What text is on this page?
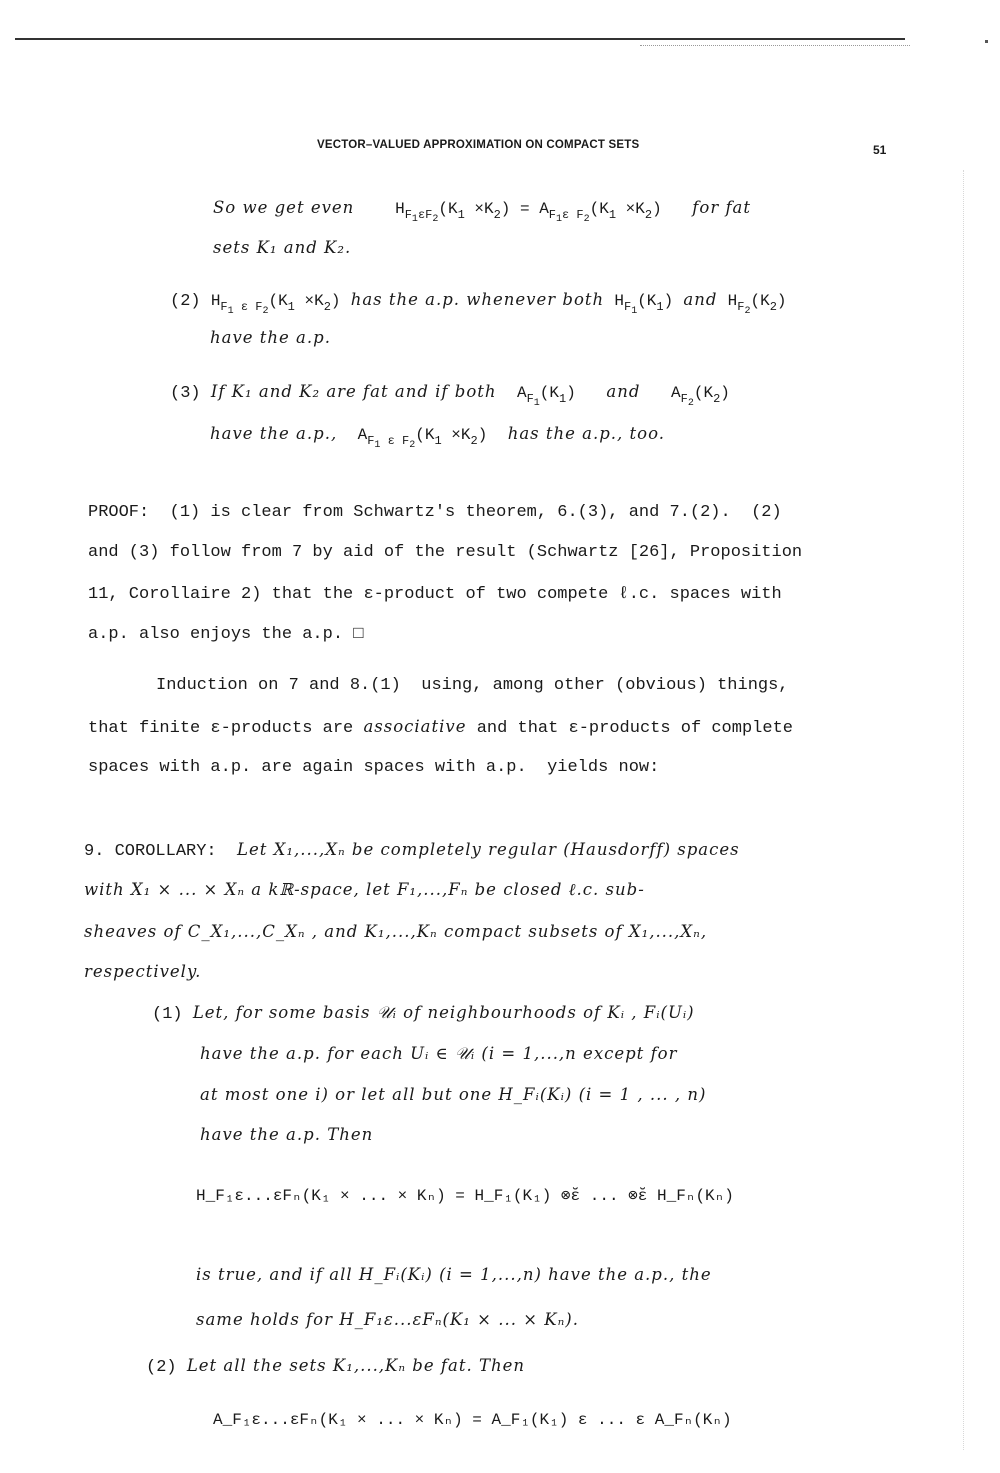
VECTOR–VALUED APPROXIMATION ON COMPACT SETS	51
So we get even	$H_{F_1\varepsilon F_2}(K_1 \times K_2) = A_{F_1\varepsilon F_2}(K_1 \times K_2)$ for fat
sets K₁ and K₂.
(2) $H_{F_1 \varepsilon F_2}(K_1 \times K_2)$ has the a.p. whenever both $H_{F_1}(K_1)$ and $H_{F_2}(K_2)$
have the a.p.
(3) If K₁ and K₂ are fat and if both $A_{F_1}(K_1)$ and $A_{F_2}(K_2)$
have the a.p., $A_{F_1 \varepsilon F_2}(K_1 \times K_2)$ has the a.p., too.
PROOF:  (1) is clear from Schwartz's theorem, 6.(3), and 7.(2).  (2)
and (3) follow from 7 by aid of the result (Schwartz [26], Proposition
11, Corollaire 2) that the ε-product of two compete ℓ.c. spaces with
a.p. also enjoys the a.p. □
Induction on 7 and 8.(1)  using, among other (obvious) things,
that finite ε-products are associative and that ε-products of complete
spaces with a.p. are again spaces with a.p.  yields now:
9. COROLLARY: Let X₁,...,Xₙ be completely regular (Hausdorff) spaces
with X₁ × ... × Xₙ a kℝ-space, let F₁,...,Fₙ be closed ℓ.c. sub-
sheaves of C_X₁,...,C_Xₙ , and K₁,...,Kₙ compact subsets of X₁,...,Xₙ,
respectively.
(1) Let, for some basis 𝒰ᵢ of neighbourhoods of Kᵢ , Fᵢ(Uᵢ)
have the a.p. for each Uᵢ ∈ 𝒰ᵢ (i = 1,...,n except for
at most one i) or let all but one H_Fᵢ(Kᵢ) (i = 1 , ... , n)
have the a.p. Then
H_F₁ε...εFₙ(K₁ × ... × Kₙ) = H_F₁(K₁) ⊗̆ε ... ⊗̆ε H_Fₙ(Kₙ)
is true, and if all H_Fᵢ(Kᵢ) (i = 1,...,n) have the a.p., the
same holds for H_F₁ε...εFₙ(K₁ × ... × Kₙ).
(2) Let all the sets K₁,...,Kₙ be fat. Then
A_F₁ε...εFₙ(K₁ × ... × Kₙ) = A_F₁(K₁) ε ... ε A_Fₙ(Kₙ)
